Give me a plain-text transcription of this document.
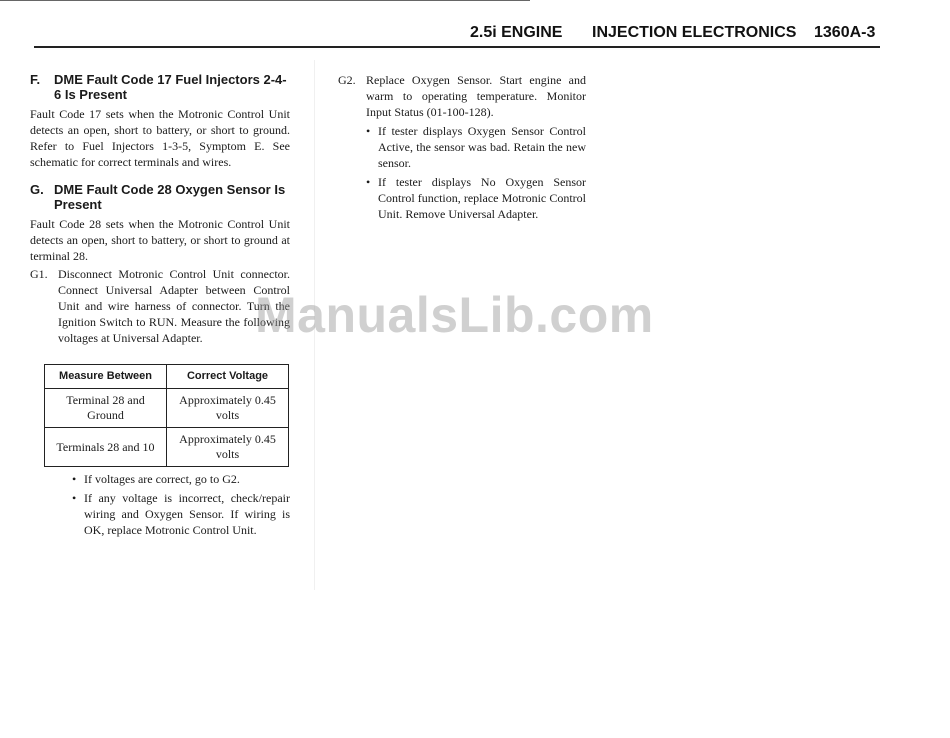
2.5i ENGINE INJECTION ELECTRONICS 1360A-3
F.	DME Fault Code 17 Fuel Injectors 2-4-6 Is Present

Fault Code 17 sets when the Motronic Control Unit detects an open, short to battery, or short to ground. Refer to Fuel Injectors 1-3-5, Symptom E. See schematic for correct terminals and wires.

G. DME Fault Code 28 Oxygen Sensor Is Present

Fault Code 28 sets when the Motronic Control Unit detects an open, short to battery, or short to ground at terminal 28.

G1. Disconnect Motronic Control Unit connector. Connect Universal Adapter between Control Unit and wire harness of connector. Turn the Ignition Switch to RUN. Measure the following voltages at Universal Adapter.
Measure Between	Correct Voltage
Terminal 28 and Ground	Approximately 0.45 volts
Terminals 28 and 10	Approximately 0.45 volts
• If voltages are correct, go to G2.
• If any voltage is incorrect, check/repair wiring and Oxygen Sensor. If wiring is OK, replace Motronic Control Unit.
G2. Replace Oxygen Sensor. Start engine and warm to operating temperature. Monitor Input Status (01-100-128).
• If tester displays Oxygen Sensor Control Active, the sensor was bad. Retain the new sensor.
• If tester displays No Oxygen Sensor Control function, replace Motronic Control Unit. Remove Universal Adapter.
ManualsLib.com
